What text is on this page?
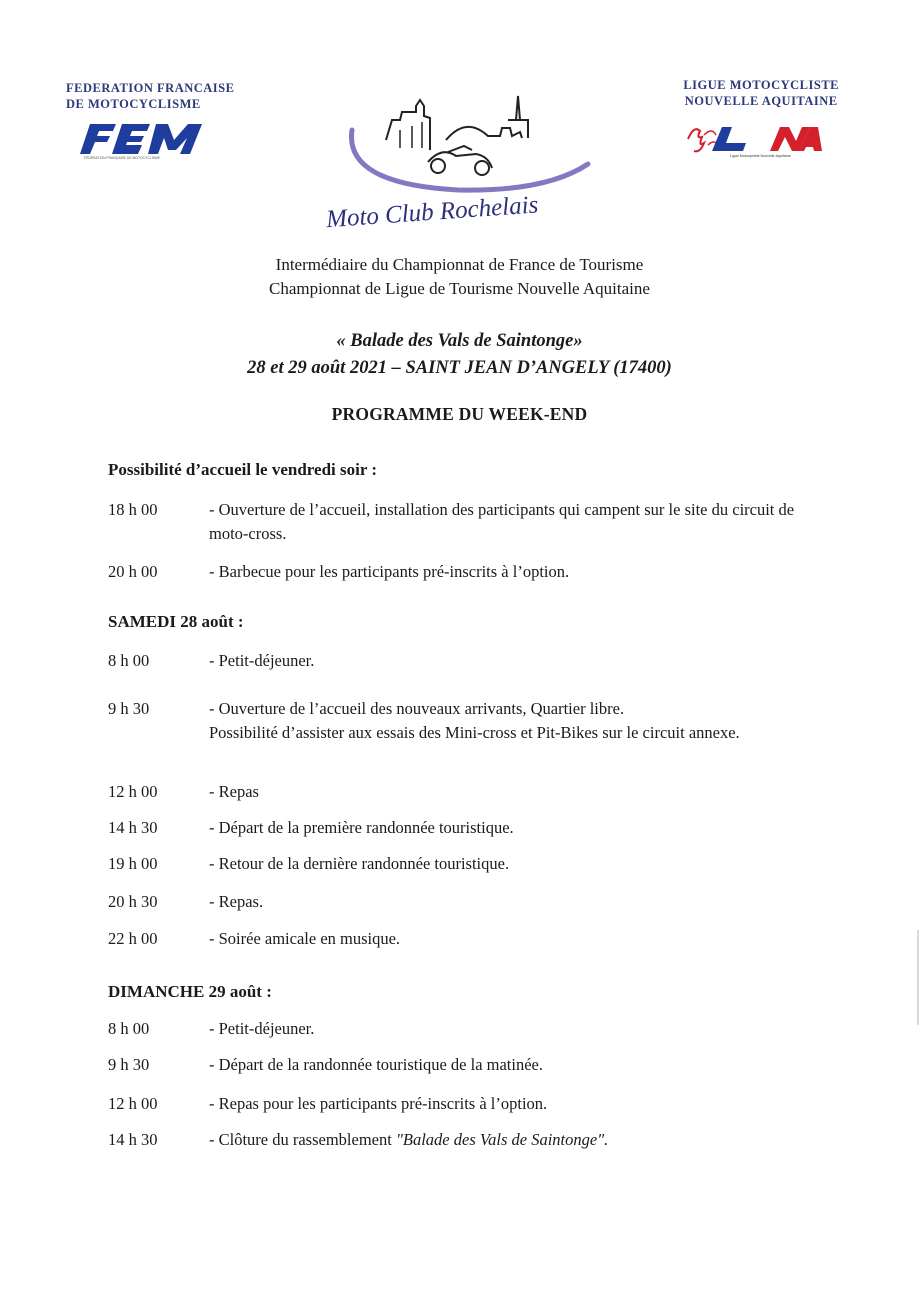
FEDERATION FRANCAISE
DE MOTOCYCLISME
LIGUE MOTOCYCLISTE
NOUVELLE AQUITAINE
FÉDÉRATION FRANÇAISE DE MOTOCYCLISME
Moto Club Rochelais
Ligue Motocycliste Nouvelle-Aquitaine
Intermédiaire du Championnat de France de Tourisme
Championnat de Ligue de Tourisme Nouvelle Aquitaine
« Balade des Vals de Saintonge»
28 et 29 août 2021 – SAINT JEAN D’ANGELY (17400)
PROGRAMME DU WEEK-END
Possibilité d’accueil le vendredi soir :
18 h 00	- Ouverture de l’accueil, installation des participants qui campent sur le site du circuit de moto-cross.
20 h 00	- Barbecue pour les participants pré-inscrits à l’option.
SAMEDI 28 août :
8 h 00	- Petit-déjeuner.
9 h 30	- Ouverture de l’accueil des nouveaux arrivants, Quartier libre.
Possibilité d’assister aux essais des Mini-cross et Pit-Bikes sur le circuit annexe.
12 h 00	- Repas
14 h 30	- Départ de la première randonnée touristique.
19 h 00	- Retour de la dernière randonnée touristique.
20 h 30	- Repas.
22 h 00	- Soirée amicale en musique.
DIMANCHE 29 août :
8 h 00	- Petit-déjeuner.
9 h 30	- Départ de la randonnée touristique de la matinée.
12 h 00	- Repas pour les participants pré-inscrits à l’option.
14 h 30	- Clôture du rassemblement "Balade des Vals de Saintonge".
